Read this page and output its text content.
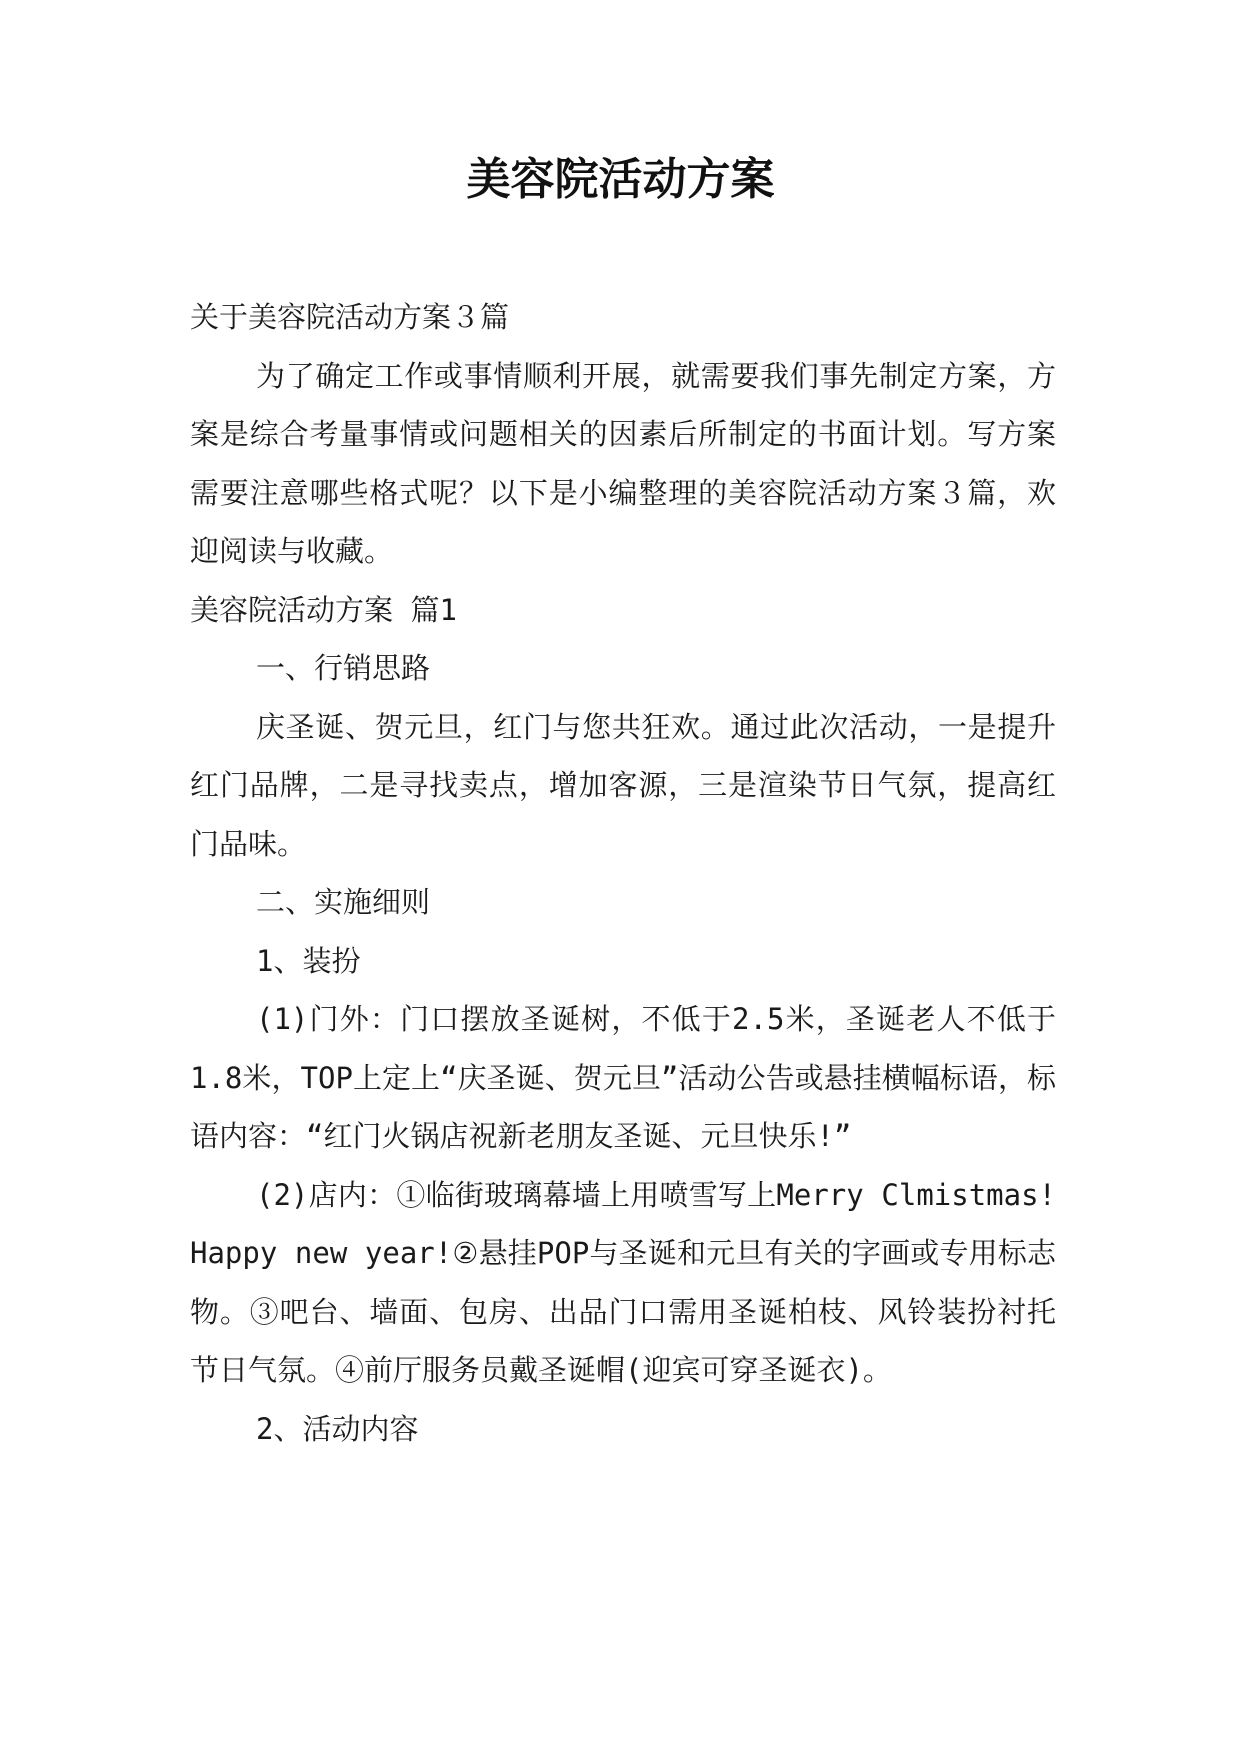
美容院活动方案

关于美容院活动方案３篇

为了确定工作或事情顺利开展，就需要我们事先制定方案，方案是综合考量事情或问题相关的因素后所制定的书面计划。写方案需要注意哪些格式呢？以下是小编整理的美容院活动方案３篇，欢迎阅读与收藏。

美容院活动方案 篇1

一、行销思路

庆圣诞、贺元旦，红门与您共狂欢。通过此次活动，一是提升红门品牌，二是寻找卖点，增加客源，三是渲染节日气氛，提高红门品味。

二、实施细则

1、装扮

(1)门外：门口摆放圣诞树，不低于2.5米，圣诞老人不低于1.8米，TOP上定上“庆圣诞、贺元旦”活动公告或悬挂横幅标语，标语内容：“红门火锅店祝新老朋友圣诞、元旦快乐!”

(2)店内：①临街玻璃幕墙上用喷雪写上Merry Clmistmas!Happy new year!②悬挂POP与圣诞和元旦有关的字画或专用标志物。③吧台、墙面、包房、出品门口需用圣诞柏枝、风铃装扮衬托节日气氛。④前厅服务员戴圣诞帽(迎宾可穿圣诞衣)。

2、活动内容
